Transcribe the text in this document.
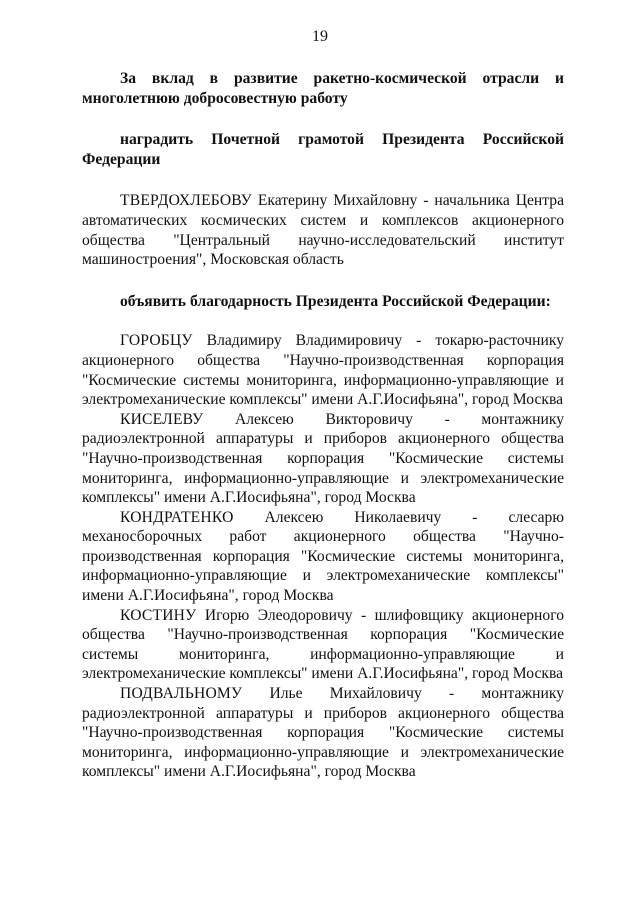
19
За вклад в развитие ракетно-космической отрасли и многолетнюю добросовестную работу
наградить Почетной грамотой Президента Российской Федерации

ТВЕРДОХЛЕБОВУ Екатерину Михайловну - начальника Центра автоматических космических систем и комплексов акционерного общества "Центральный научно-исследовательский институт машиностроения", Московская область

объявить благодарность Президента Российской Федерации:

ГОРОБЦУ Владимиру Владимировичу - токарю-расточнику акционерного общества "Научно-производственная корпорация "Космические системы мониторинга, информационно-управляющие и электромеханические комплексы" имени А.Г.Иосифьяна", город Москва

КИСЕЛЕВУ Алексею Викторовичу - монтажнику радиоэлектронной аппаратуры и приборов акционерного общества "Научно-производственная корпорация "Космические системы мониторинга, информационно-управляющие и электромеханические комплексы" имени А.Г.Иосифьяна", город Москва

КОНДРАТЕНКО Алексею Николаевичу - слесарю механосборочных работ акционерного общества "Научно-производственная корпорация "Космические системы мониторинга, информационно-управляющие и электромеханические комплексы" имени А.Г.Иосифьяна", город Москва

КОСТИНУ Игорю Элеодоровичу - шлифовщику акционерного общества "Научно-производственная корпорация "Космические системы мониторинга, информационно-управляющие и электромеханические комплексы" имени А.Г.Иосифьяна", город Москва

ПОДВАЛЬНОМУ Илье Михайловичу - монтажнику радиоэлектронной аппаратуры и приборов акционерного общества "Научно-производственная корпорация "Космические системы мониторинга, информационно-управляющие и электромеханические комплексы" имени А.Г.Иосифьяна", город Москва
